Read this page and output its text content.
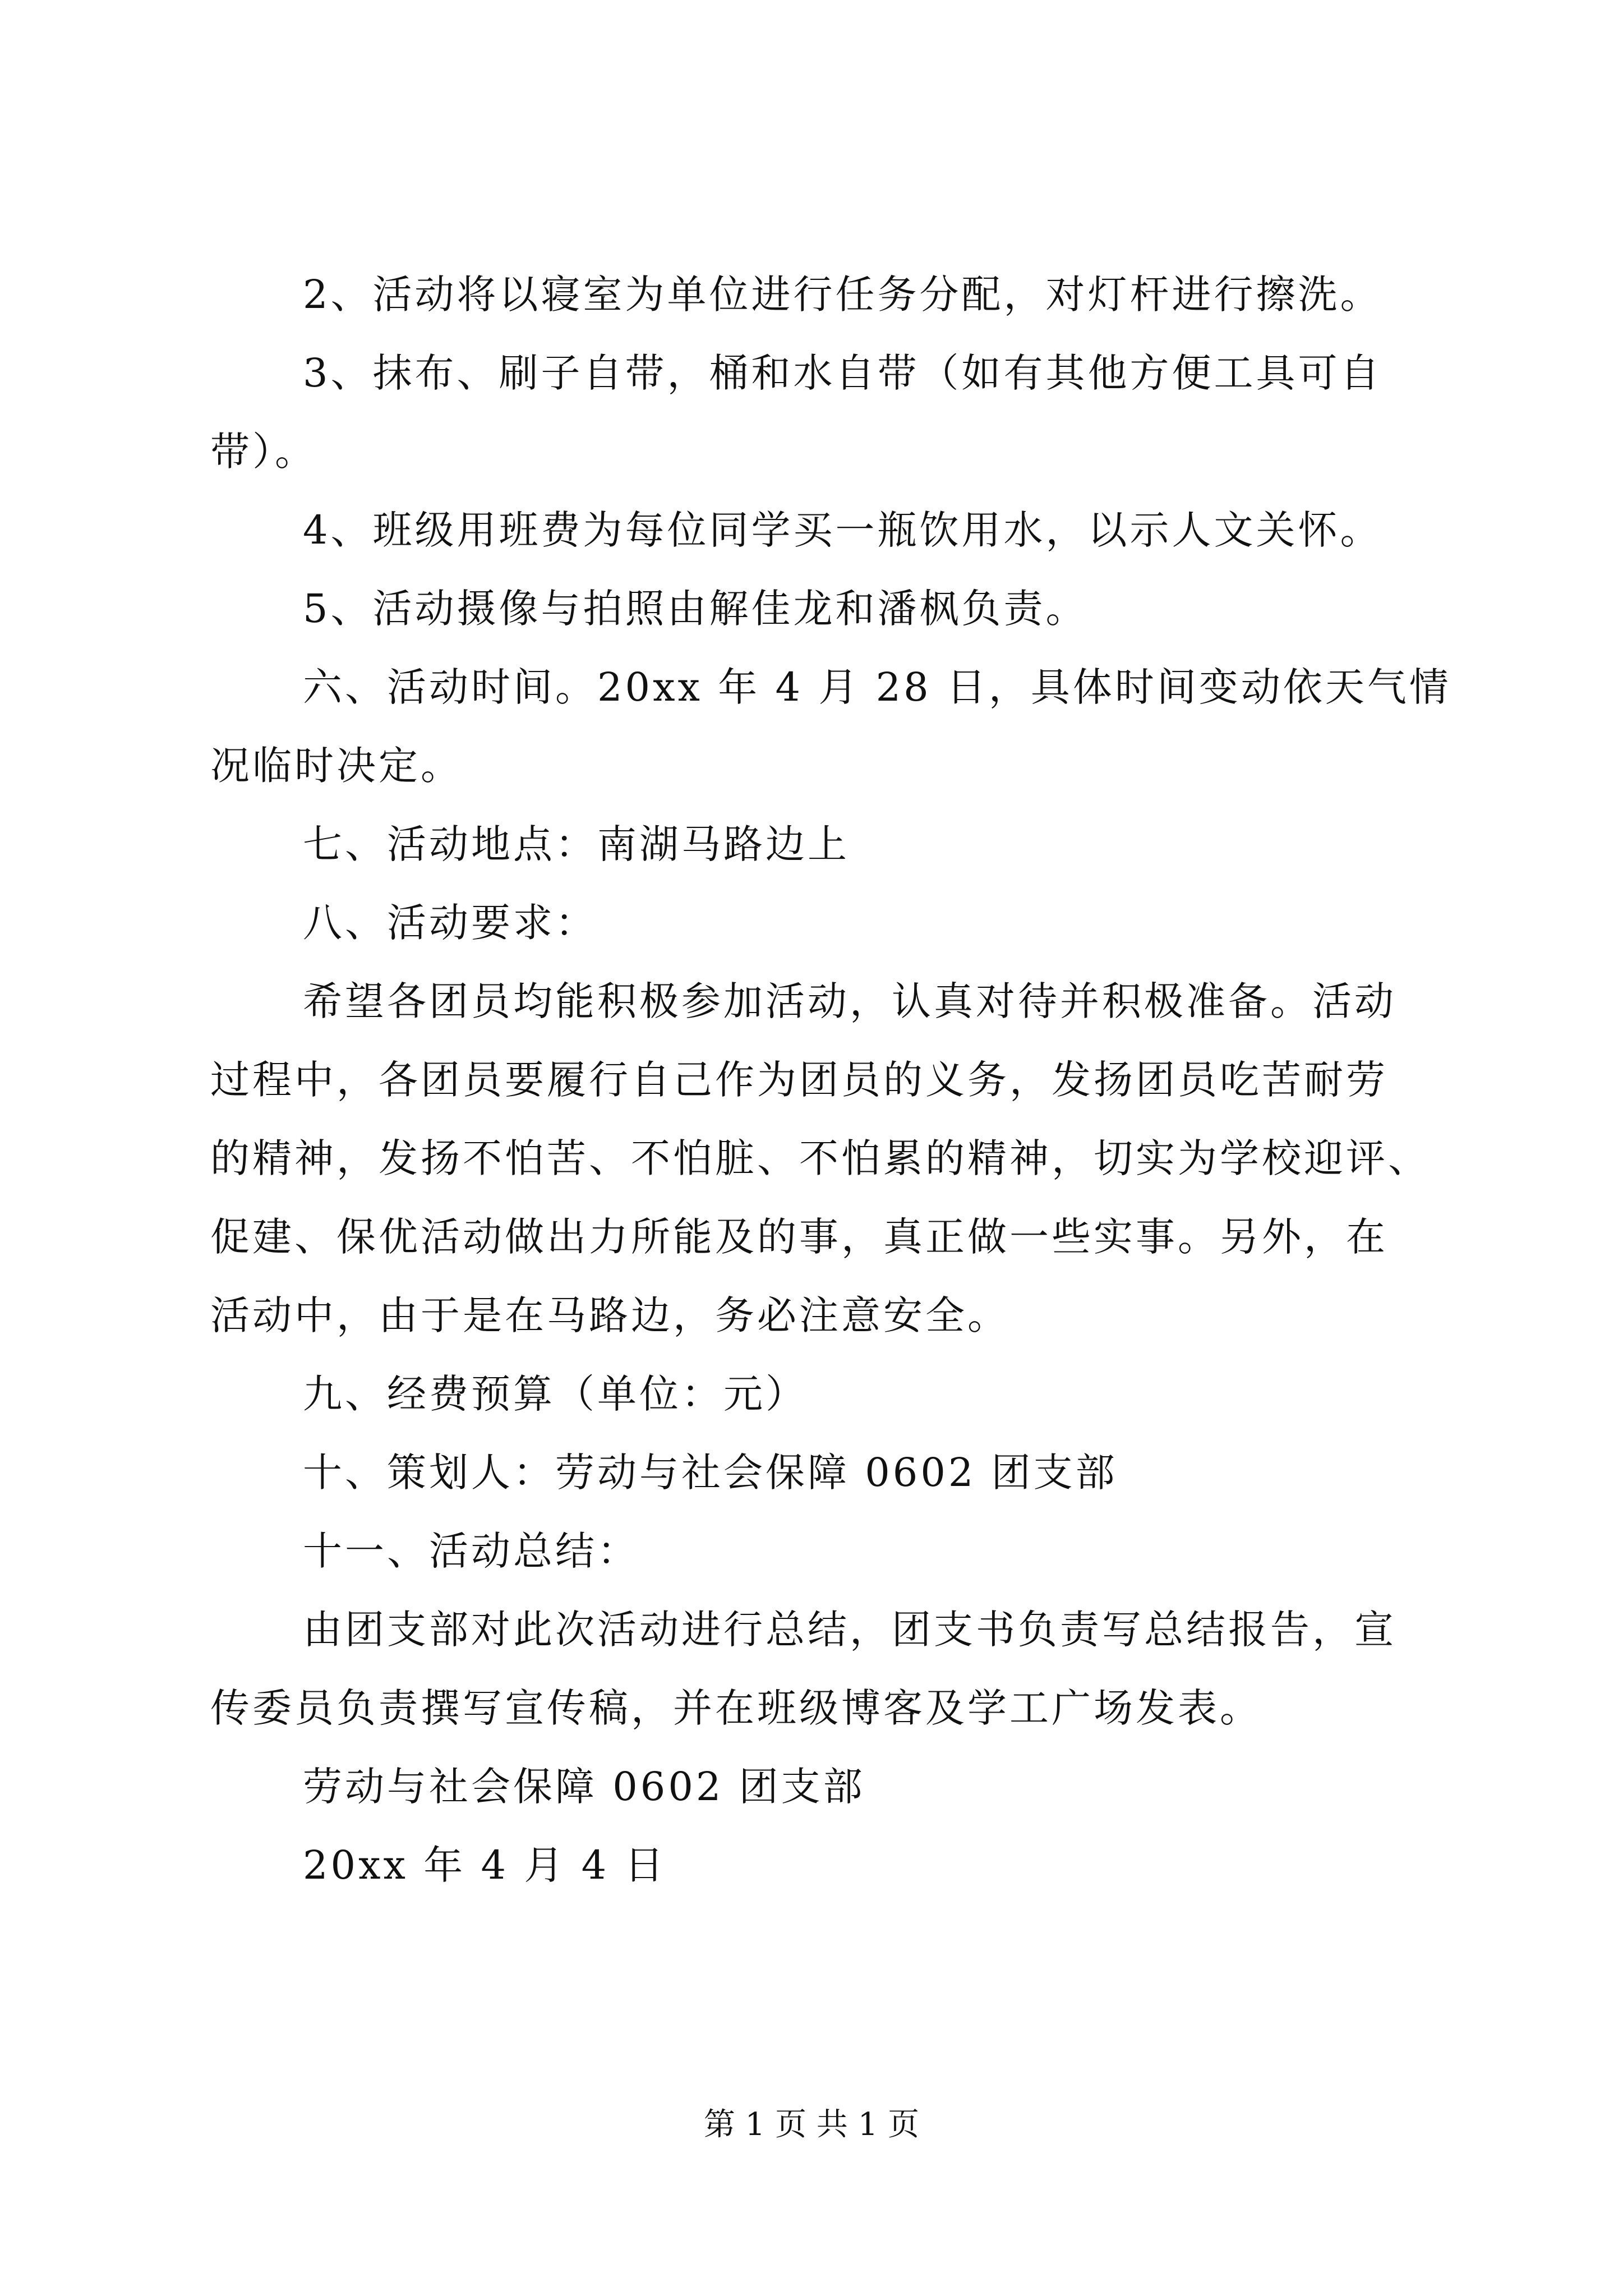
2、活动将以寝室为单位进行任务分配，对灯杆进行擦洗。
3、抹布、刷子自带，桶和水自带（如有其他方便工具可自
带）。
4、班级用班费为每位同学买一瓶饮用水，以示人文关怀。
5、活动摄像与拍照由解佳龙和潘枫负责。
六、活动时间。20xx 年 4 月 28 日，具体时间变动依天气情
况临时决定。
七、活动地点：南湖马路边上
八、活动要求：
希望各团员均能积极参加活动，认真对待并积极准备。活动
过程中，各团员要履行自己作为团员的义务，发扬团员吃苦耐劳
的精神，发扬不怕苦、不怕脏、不怕累的精神，切实为学校迎评、
促建、保优活动做出力所能及的事，真正做一些实事。另外，在
活动中，由于是在马路边，务必注意安全。
九、经费预算（单位：元）
十、策划人：劳动与社会保障 0602 团支部
十一、活动总结：
由团支部对此次活动进行总结，团支书负责写总结报告，宣
传委员负责撰写宣传稿，并在班级博客及学工广场发表。
劳动与社会保障 0602 团支部
20xx 年 4 月 4 日
第 1 页 共 1 页
